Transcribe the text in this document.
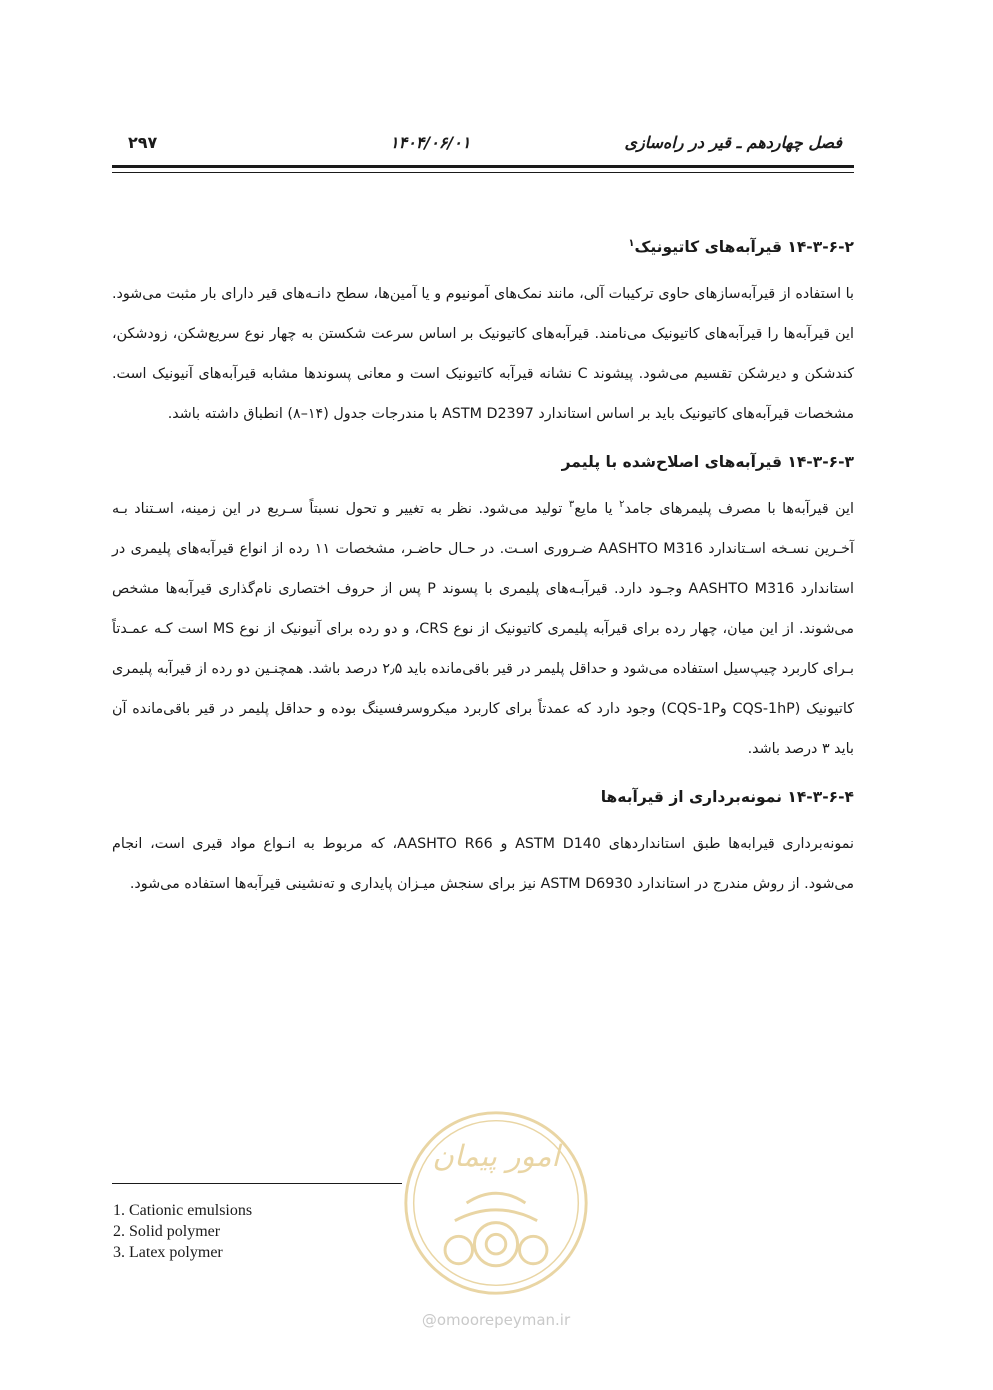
فصل چهاردهم ـ قیر در راه‌سازی
۱۴۰۴/۰۶/۰۱
۲۹۷
۱۴-۳-۶-۲ قیرآبه‌های کاتیونیک$^۱$

با استفاده از قیرآبه‌سازهای حاوی ترکیبات آلی، مانند نمک‌های آمونیوم و یا آمین‌ها، سطح دانـه‌های قیر دارای بار مثبت می‌شود. این قیرآبه‌ها را قیرآبه‌های کاتیونیک می‌نامند. قیرآبه‌های کاتیونیک بر اساس سرعت شکستن به چهار نوع سریع‌شکن، زودشکن، کندشکن و دیرشکن تقسیم می‌شود. پیشوند C نشانه قیرآبه کاتیونیک است و معانی پسوندها مشابه قیرآبه‌های آنیونیک است. مشخصات قیرآبه‌های کاتیونیک باید بر اساس استاندارد ASTM D2397 با مندرجات جدول (۱۴–۸) انطباق داشته باشد.

۱۴-۳-۶-۳ قیرآبه‌های اصلاح‌شده با پلیمر

این قیرآبه‌ها با مصرف پلیمرهای جامد$^۲$ یا مایع$^۳$ تولید می‌شود. نظر به تغییر و تحول نسبتاً سـریع در این زمینه، اسـتناد بـه آخـرین نسـخه اسـتاندارد AASHTO M316 ضـروری اسـت. در حـال حاضـر، مشخصات ۱۱ رده از انواع قیرآبه‌های پلیمری در استاندارد AASHTO M316 وجـود دارد. قیرآبـه‌های پلیمری با پسوند P پس از حروف اختصاری نام‌گذاری قیرآبه‌ها مشخص می‌شوند. از این میان، چهار رده برای قیرآبه پلیمری کاتیونیک از نوع CRS، و دو رده برای آنیونیک از نوع MS است کـه عمـدتاً بـرای کاربرد چیپ‌سیل استفاده می‌شود و حداقل پلیمر در قیر باقی‌مانده باید ۲٫۵ درصد باشد. همچنـین دو رده از قیرآبه پلیمری کاتیونیک (CQS-1hP وCQS-1P) وجود دارد که عمدتاً برای کاربرد میکروسرفسینگ بوده و حداقل پلیمر در قیر باقی‌مانده آن باید ۳ درصد باشد.

۱۴-۳-۶-۴ نمونه‌برداری از قیرآبه‌ها

نمونه‌برداری قیرابه‌ها طبق استانداردهای ASTM D140 و AASHTO R66، که مربوط به انـواع مواد قیری است، انجام می‌شود. از روش مندرج در استاندارد ASTM D6930 نیز برای سنجش میـزان پایداری و ته‌نشینی قیرآبه‌ها استفاده می‌شود.

امور پیمان
@omoorepeyman.ir
1. Cationic emulsions
2. Solid polymer
3. Latex polymer
